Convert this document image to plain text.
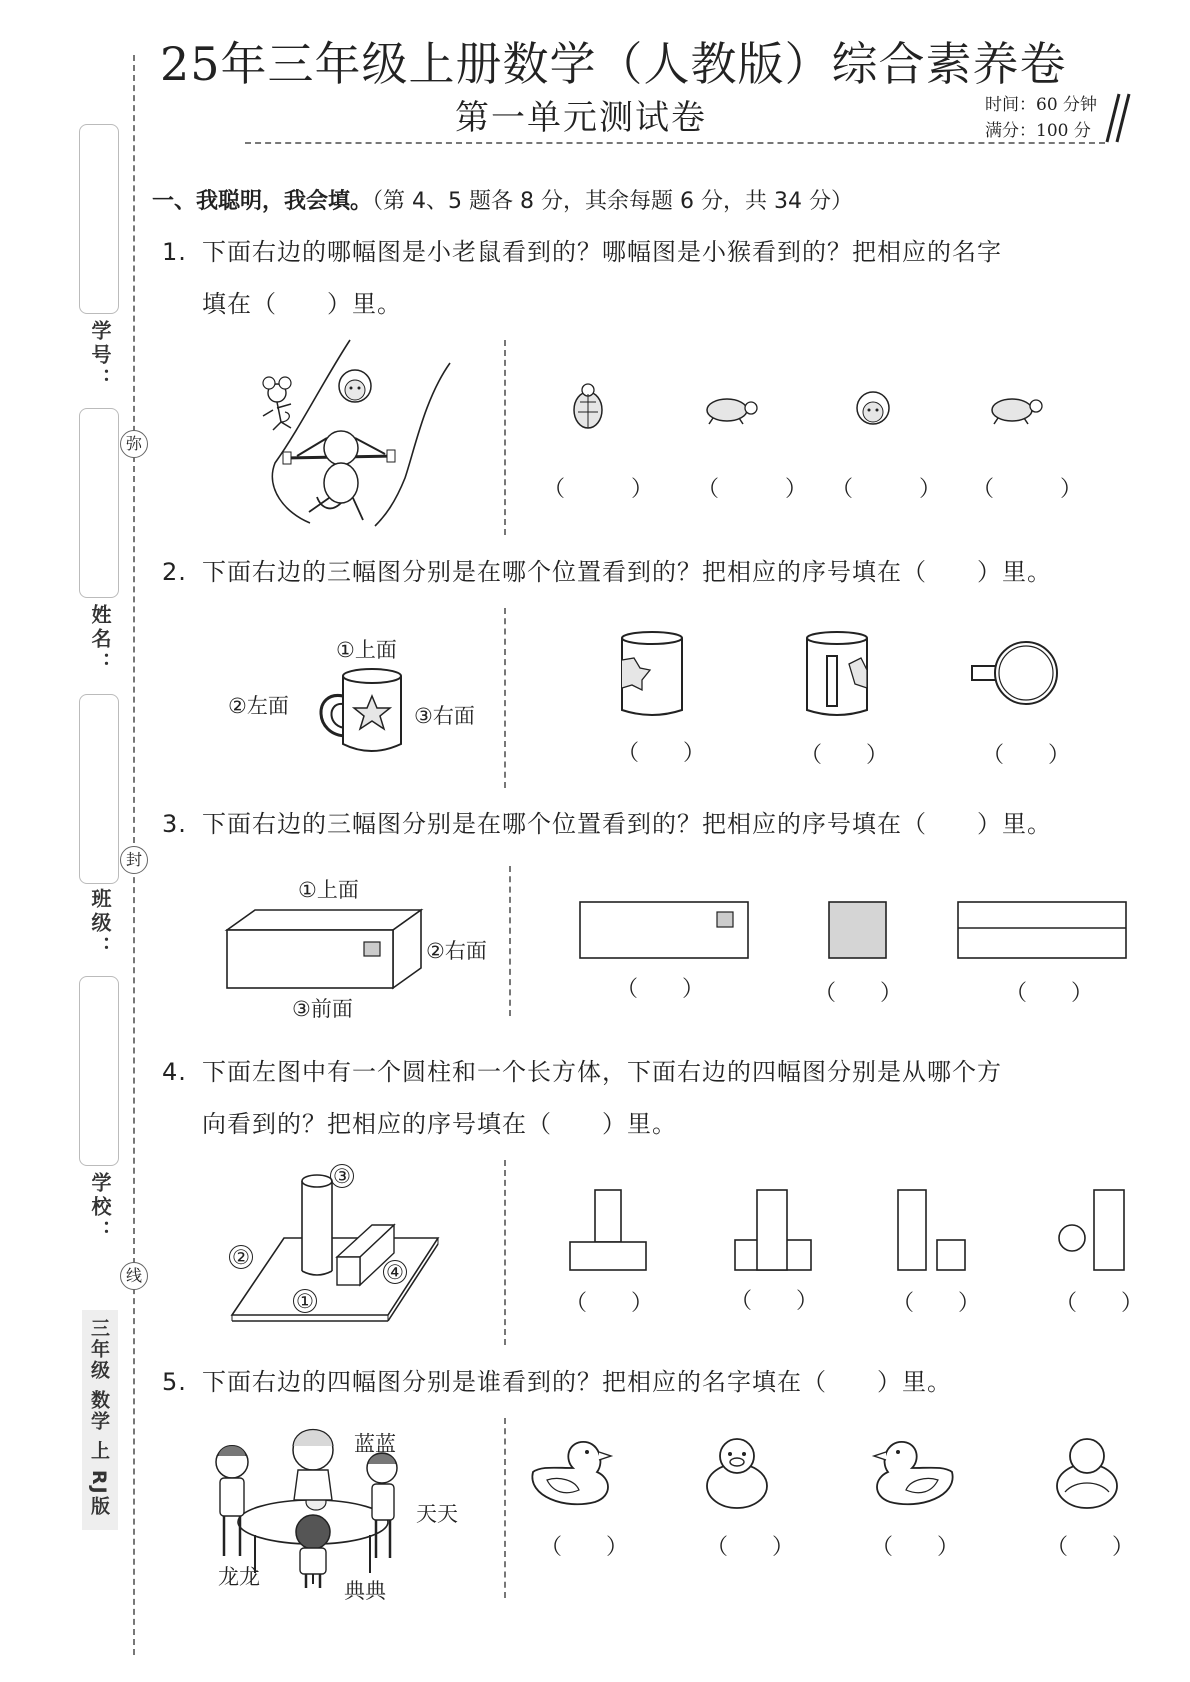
学号：
姓名：
班级：
学校：
弥
封
线
三年级 数学 上 RJ版
25年三年级上册数学（人教版）综合素养卷
第一单元测试卷	时间：60 分钟
满分：100 分
一、我聪明，我会填。（第 4、5 题各 8 分，其余每题 6 分，共 34 分）
1. 下面右边的哪幅图是小老鼠看到的？哪幅图是小猴看到的？把相应的名字
填在（　　）里。
（　　　） （　　　） （　　　） （　　　）
2. 下面右边的三幅图分别是在哪个位置看到的？把相应的序号填在（　　）里。
①上面
②左面	③右面
（　　）	（　　）	（　　）
3. 下面右边的三幅图分别是在哪个位置看到的？把相应的序号填在（　　）里。
①上面
②右面
③前面
（　　）	（　　）	（　　）
4. 下面左图中有一个圆柱和一个长方体，下面右边的四幅图分别是从哪个方
向看到的？把相应的序号填在（　　）里。
③
②
④
①	（　　）	（　　）	（　　）	（　　）
5. 下面右边的四幅图分别是谁看到的？把相应的名字填在（　　）里。
蓝蓝
天天
龙龙
典典
（　　）	（　　）	（　　）	（　　）
